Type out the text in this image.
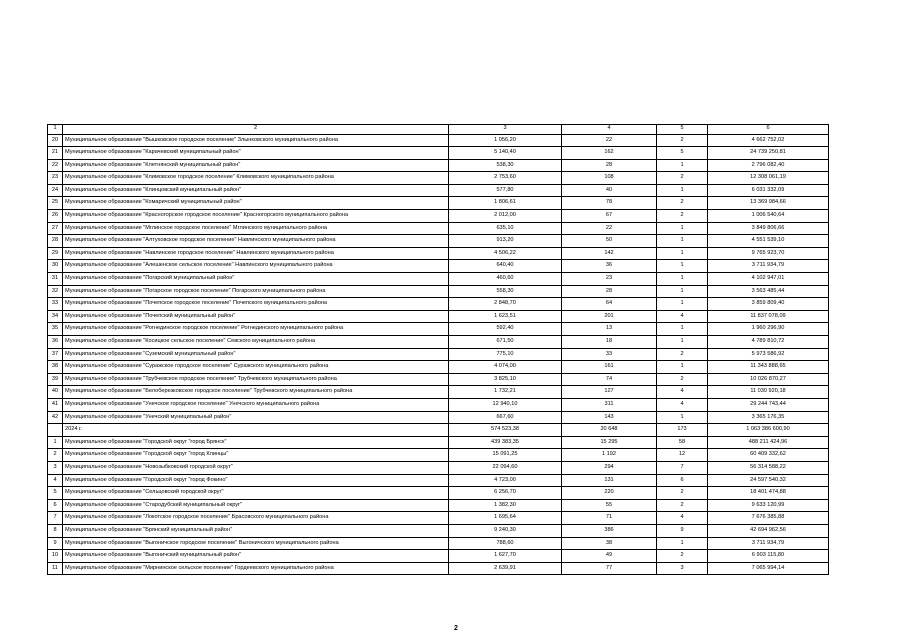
1	2	3	4	5	6
20	Муниципальное образование "Вышковское городское поселение" Злынковского муниципального района	1 056,20	22	2	4 662 752,02
21	Муниципальное образование "Карачевский муниципальный район"	5 140,40	162	5	24 739 250,81
22	Муниципальное образование "Клетнянский муниципальный район"	538,30	28	1	2 796 082,40
23	Муниципальное образование "Климовское городское поселение" Климовского муниципального района	2 753,60	108	2	12 308 061,19
24	Муниципальное образование "Клинцовский муниципальный район"	577,80	40	1	6 031 332,09
25	Муниципальное образование "Комаричский муниципальный район"	1 806,61	78	2	13 369 984,66
26	Муниципальное образование "Красногорское городское поселение" Красногорского муниципального района	2 012,00	67	2	1 006 540,64
27	Муниципальное образование "Мглинское городское поселение" Мглинского муниципального района	635,10	22	1	3 849 806,66
28	Муниципальное образование "Алтуховское городское поселение" Навлинского муниципального района	913,20	50	1	4 551 539,10
29	Муниципальное образование "Навлинское городское поселение" Навлинского муниципального района	4 506,22	142	1	9 765 923,70
30	Муниципальное образование "Алешенское сельское поселение" Навлинского муниципального района	640,40	36	1	3 711 934,79
31	Муниципальное образование "Погарский муниципальный район"	460,60	23	1	4 102 947,01
32	Муниципальное образование "Погарское городское поселение" Погарского муниципального района	558,30	28	1	3 563 485,44
33	Муниципальное образование "Почепское городское поселение" Почепского муниципального района	2 848,70	64	1	3 859 809,40
34	Муниципальное образование "Почепский муниципальный район"	1 623,51	201	4	11 837 078,09
35	Муниципальное образование "Рогнединское городское поселение" Рогнединского муниципального района	592,40	13	1	1 960 296,90
36	Муниципальное образование "Косицкое сельское поселение" Севского муниципального района	671,50	18	1	4 789 810,72
37	Муниципальное образование "Суземский муниципальный район"	775,10	33	2	5 973 586,92
38	Муниципальное образование "Суражское городское поселение" Суражского муниципального района	4 074,00	161	1	11 343 888,65
39	Муниципальное образование "Трубчевское городское поселение" Трубчевского муниципального района	3 825,10	74	2	10 026 870,27
40	Муниципальное образование "Белоберезковское городское поселение" Трубчевского муниципального района	1 732,21	127	4	11 030 920,18
41	Муниципальное образование "Унечское городское поселение" Унечского муниципального района	12 940,10	311	4	29 244 743,44
42	Муниципальное образование "Унечский муниципальный район"	667,60	143	1	3 365 176,35
	2024 г.	574 523,38	20 648	173	1 063 386 600,90
1	Муниципальное образование "Городской округ "город Брянск"	439 383,35	15 295	58	488 211 424,96
2	Муниципальное образование "Городской округ "город Клинцы"	15 091,25	1 192	12	60 409 332,62
3	Муниципальное образование "Новозыбковский городской округ"	22 094,60	294	7	56 314 588,22
4	Муниципальное образование "Городской округ "город Фокино"	4 723,00	131	6	24 597 540,32
5	Муниципальное образование "Сельцовский городской округ"	6 256,70	220	2	18 401 474,88
6	Муниципальное образование "Стародубский муниципальный округ"	1 382,30	55	2	9 633 120,99
7	Муниципальное образование "Локотское городское поселение" Брасовского муниципального района	1 695,64	71	4	7 676 385,88
8	Муниципальное образование "Брянский муниципальный район"	9 240,30	386	9	42 694 962,56
9	Муниципальное образование "Выгоничское городское поселение" Выгоничского муниципального района	788,60	38	1	3 711 934,79
10	Муниципальное образование "Выгоничский муниципальный район"	1 627,70	49	2	6 903 115,80
11	Муниципальное образование "Мирнинское сельское поселение" Гордеевского муниципального района	2 639,91	77	3	7 065 994,14
2
